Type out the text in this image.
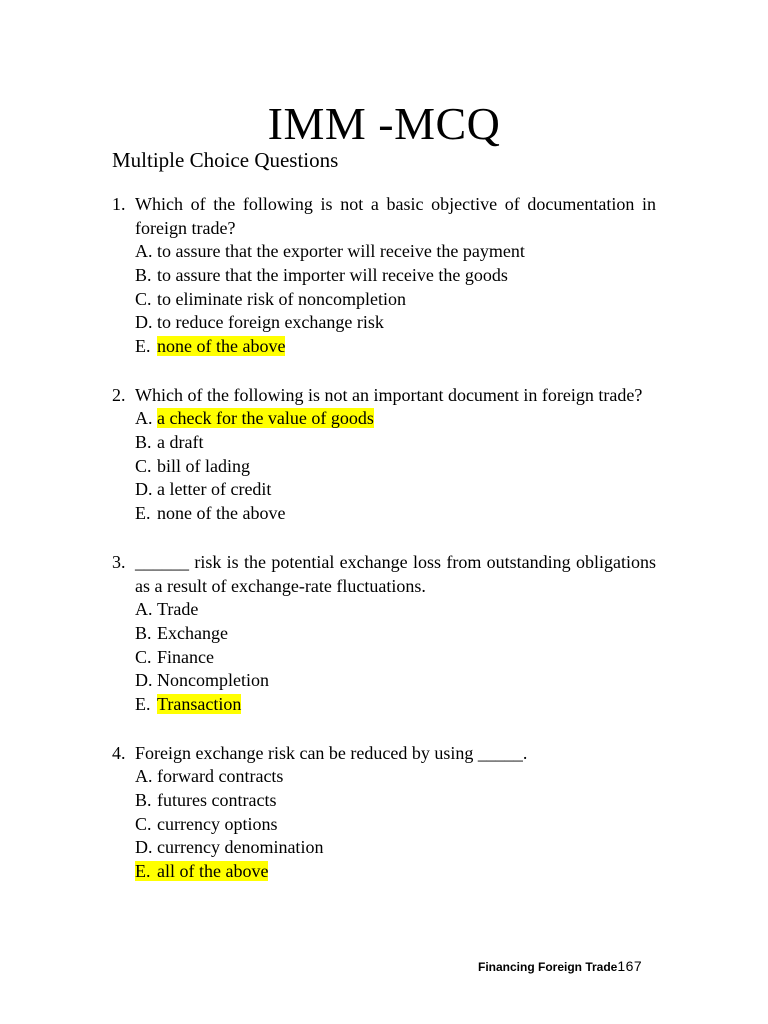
IMM -MCQ
Multiple Choice Questions
1. Which of the following is not a basic objective of documentation in foreign trade?
A. to assure that the exporter will receive the payment
B. to assure that the importer will receive the goods
C. to eliminate risk of noncompletion
D. to reduce foreign exchange risk
E. none of the above
2. Which of the following is not an important document in foreign trade?
A. a check for the value of goods
B. a draft
C. bill of lading
D. a letter of credit
E. none of the above
3. ______ risk is the potential exchange loss from outstanding obligations as a result of exchange-rate fluctuations.
A. Trade
B. Exchange
C. Finance
D. Noncompletion
E. Transaction
4. Foreign exchange risk can be reduced by using _____.
A. forward contracts
B. futures contracts
C. currency options
D. currency denomination
E. all of the above
Financing Foreign Trade 167
